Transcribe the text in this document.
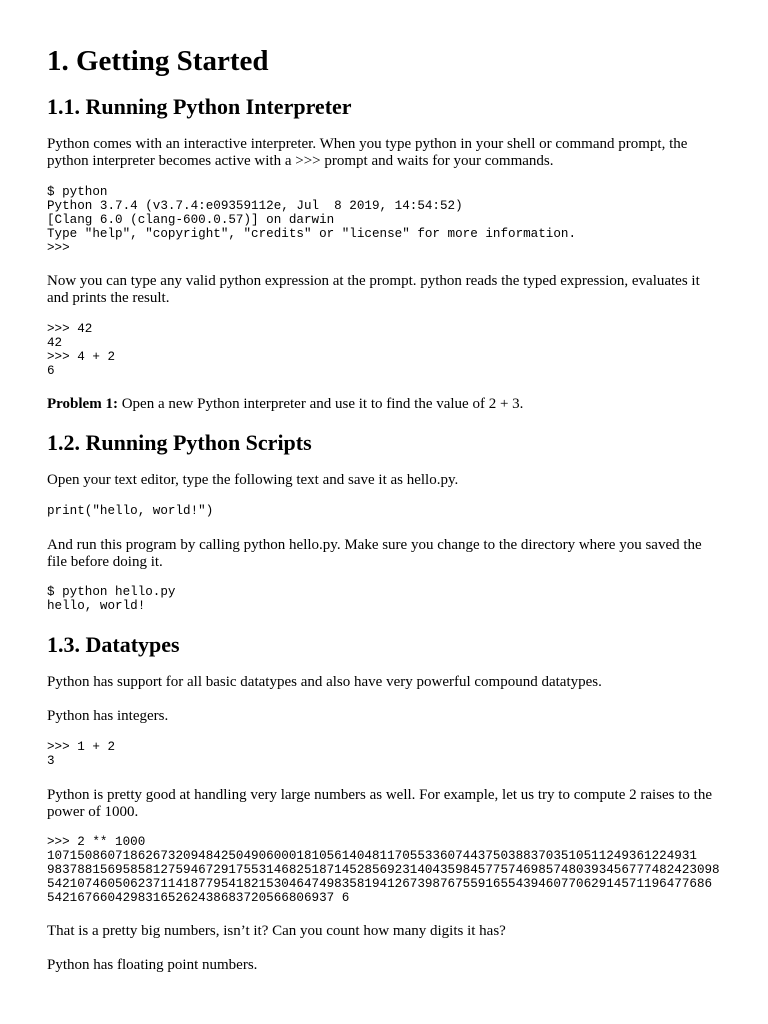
1. Getting Started
1.1. Running Python Interpreter

Python comes with an interactive interpreter. When you type python in your shell or command prompt, the python interpreter becomes active with a >>> prompt and waits for your commands.

$ python
Python 3.7.4 (v3.7.4:e09359112e, Jul  8 2019, 14:54:52)
[Clang 6.0 (clang-600.0.57)] on darwin
Type "help", "copyright", "credits" or "license" for more information.
>>>

Now you can type any valid python expression at the prompt. python reads the typed expression, evaluates it and prints the result.

>>> 42
42
>>> 4 + 2
6

Problem 1: Open a new Python interpreter and use it to find the value of 2 + 3.

1.2. Running Python Scripts

Open your text editor, type the following text and save it as hello.py.

print("hello, world!")

And run this program by calling python hello.py. Make sure you change to the directory where you saved the file before doing it.

$ python hello.py
hello, world!
1.3. Datatypes

Python has support for all basic datatypes and also have very powerful compound datatypes.

Python has integers.

>>> 1 + 2
3

Python is pretty good at handling very large numbers as well. For example, let us try to compute 2 raises to the power of 1000.

>>> 2 ** 1000
10715086071862673209484250490600018105614048117055336074437503883703510511249361224931
98378815695858127594672917553146825187145285692314043598457757469857480393456777482423098
5421074605062371141877954182153046474983581941267398767559165543946077062914571196477686
54216766042983165262438683720566806937 6

That is a pretty big numbers, isn’t it? Can you count how many digits it has?

Python has floating point numbers.
